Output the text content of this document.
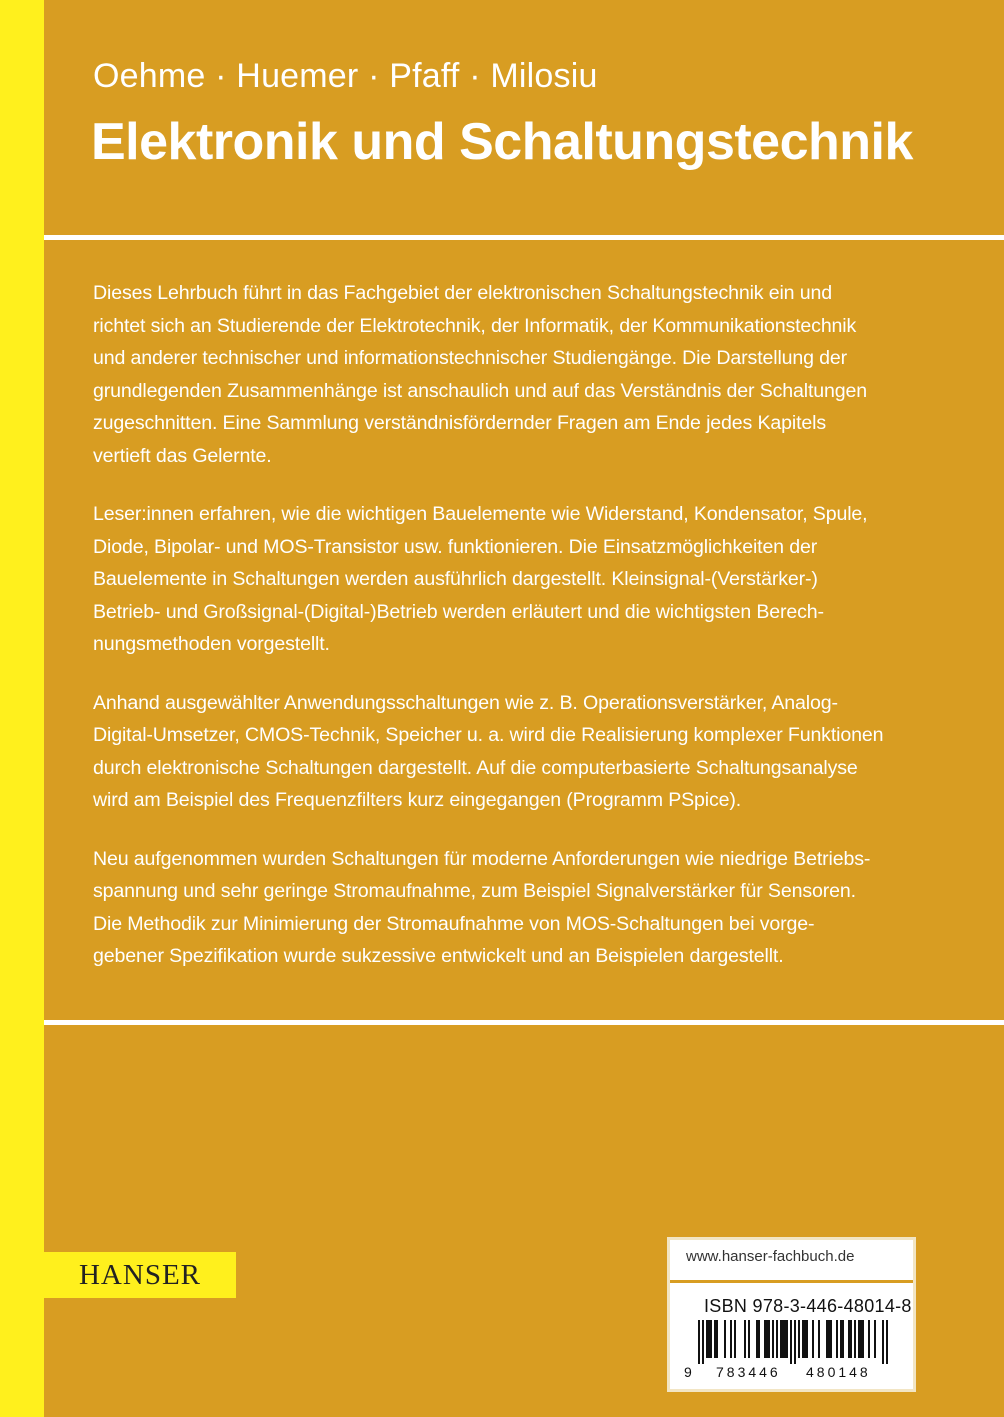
Oehme · Huemer · Pfaff · Milosiu
Elektronik und Schaltungstechnik

Dieses Lehrbuch führt in das Fachgebiet der elektronischen Schaltungstechnik ein und
richtet sich an Studierende der Elektrotechnik, der Informatik, der Kommunikationstechnik
und anderer technischer und informationstechnischer Studiengänge. Die Darstellung der
grundlegenden Zusammenhänge ist anschaulich und auf das Verständnis der Schaltungen
zugeschnitten. Eine Sammlung verständnisfördernder Fragen am Ende jedes Kapitels
vertieft das Gelernte.

Leser:innen erfahren, wie die wichtigen Bauelemente wie Widerstand, Kondensator, Spule,
Diode, Bipolar- und MOS-Transistor usw. funktionieren. Die Einsatzmöglichkeiten der
Bauelemente in Schaltungen werden ausführlich dargestellt. Kleinsignal-(Verstärker-)
Betrieb- und Großsignal-(Digital-)Betrieb werden erläutert und die wichtigsten Berech-
nungsmethoden vorgestellt.

Anhand ausgewählter Anwendungsschaltungen wie z. B. Operationsverstärker, Analog-
Digital-Umsetzer, CMOS-Technik, Speicher u. a. wird die Realisierung komplexer Funktionen
durch elektronische Schaltungen dargestellt. Auf die computerbasierte Schaltungsanalyse
wird am Beispiel des Frequenzfilters kurz eingegangen (Programm PSpice).

Neu aufgenommen wurden Schaltungen für moderne Anforderungen wie niedrige Betriebs-
spannung und sehr geringe Stromaufnahme, zum Beispiel Signalverstärker für Sensoren.
Die Methodik zur Minimierung der Stromaufnahme von MOS-Schaltungen bei vorge-
gebener Spezifikation wurde sukzessive entwickelt und an Beispielen dargestellt.

HANSER
www.hanser-fachbuch.de
ISBN 978-3-446-48014-8
9 783446 480148
